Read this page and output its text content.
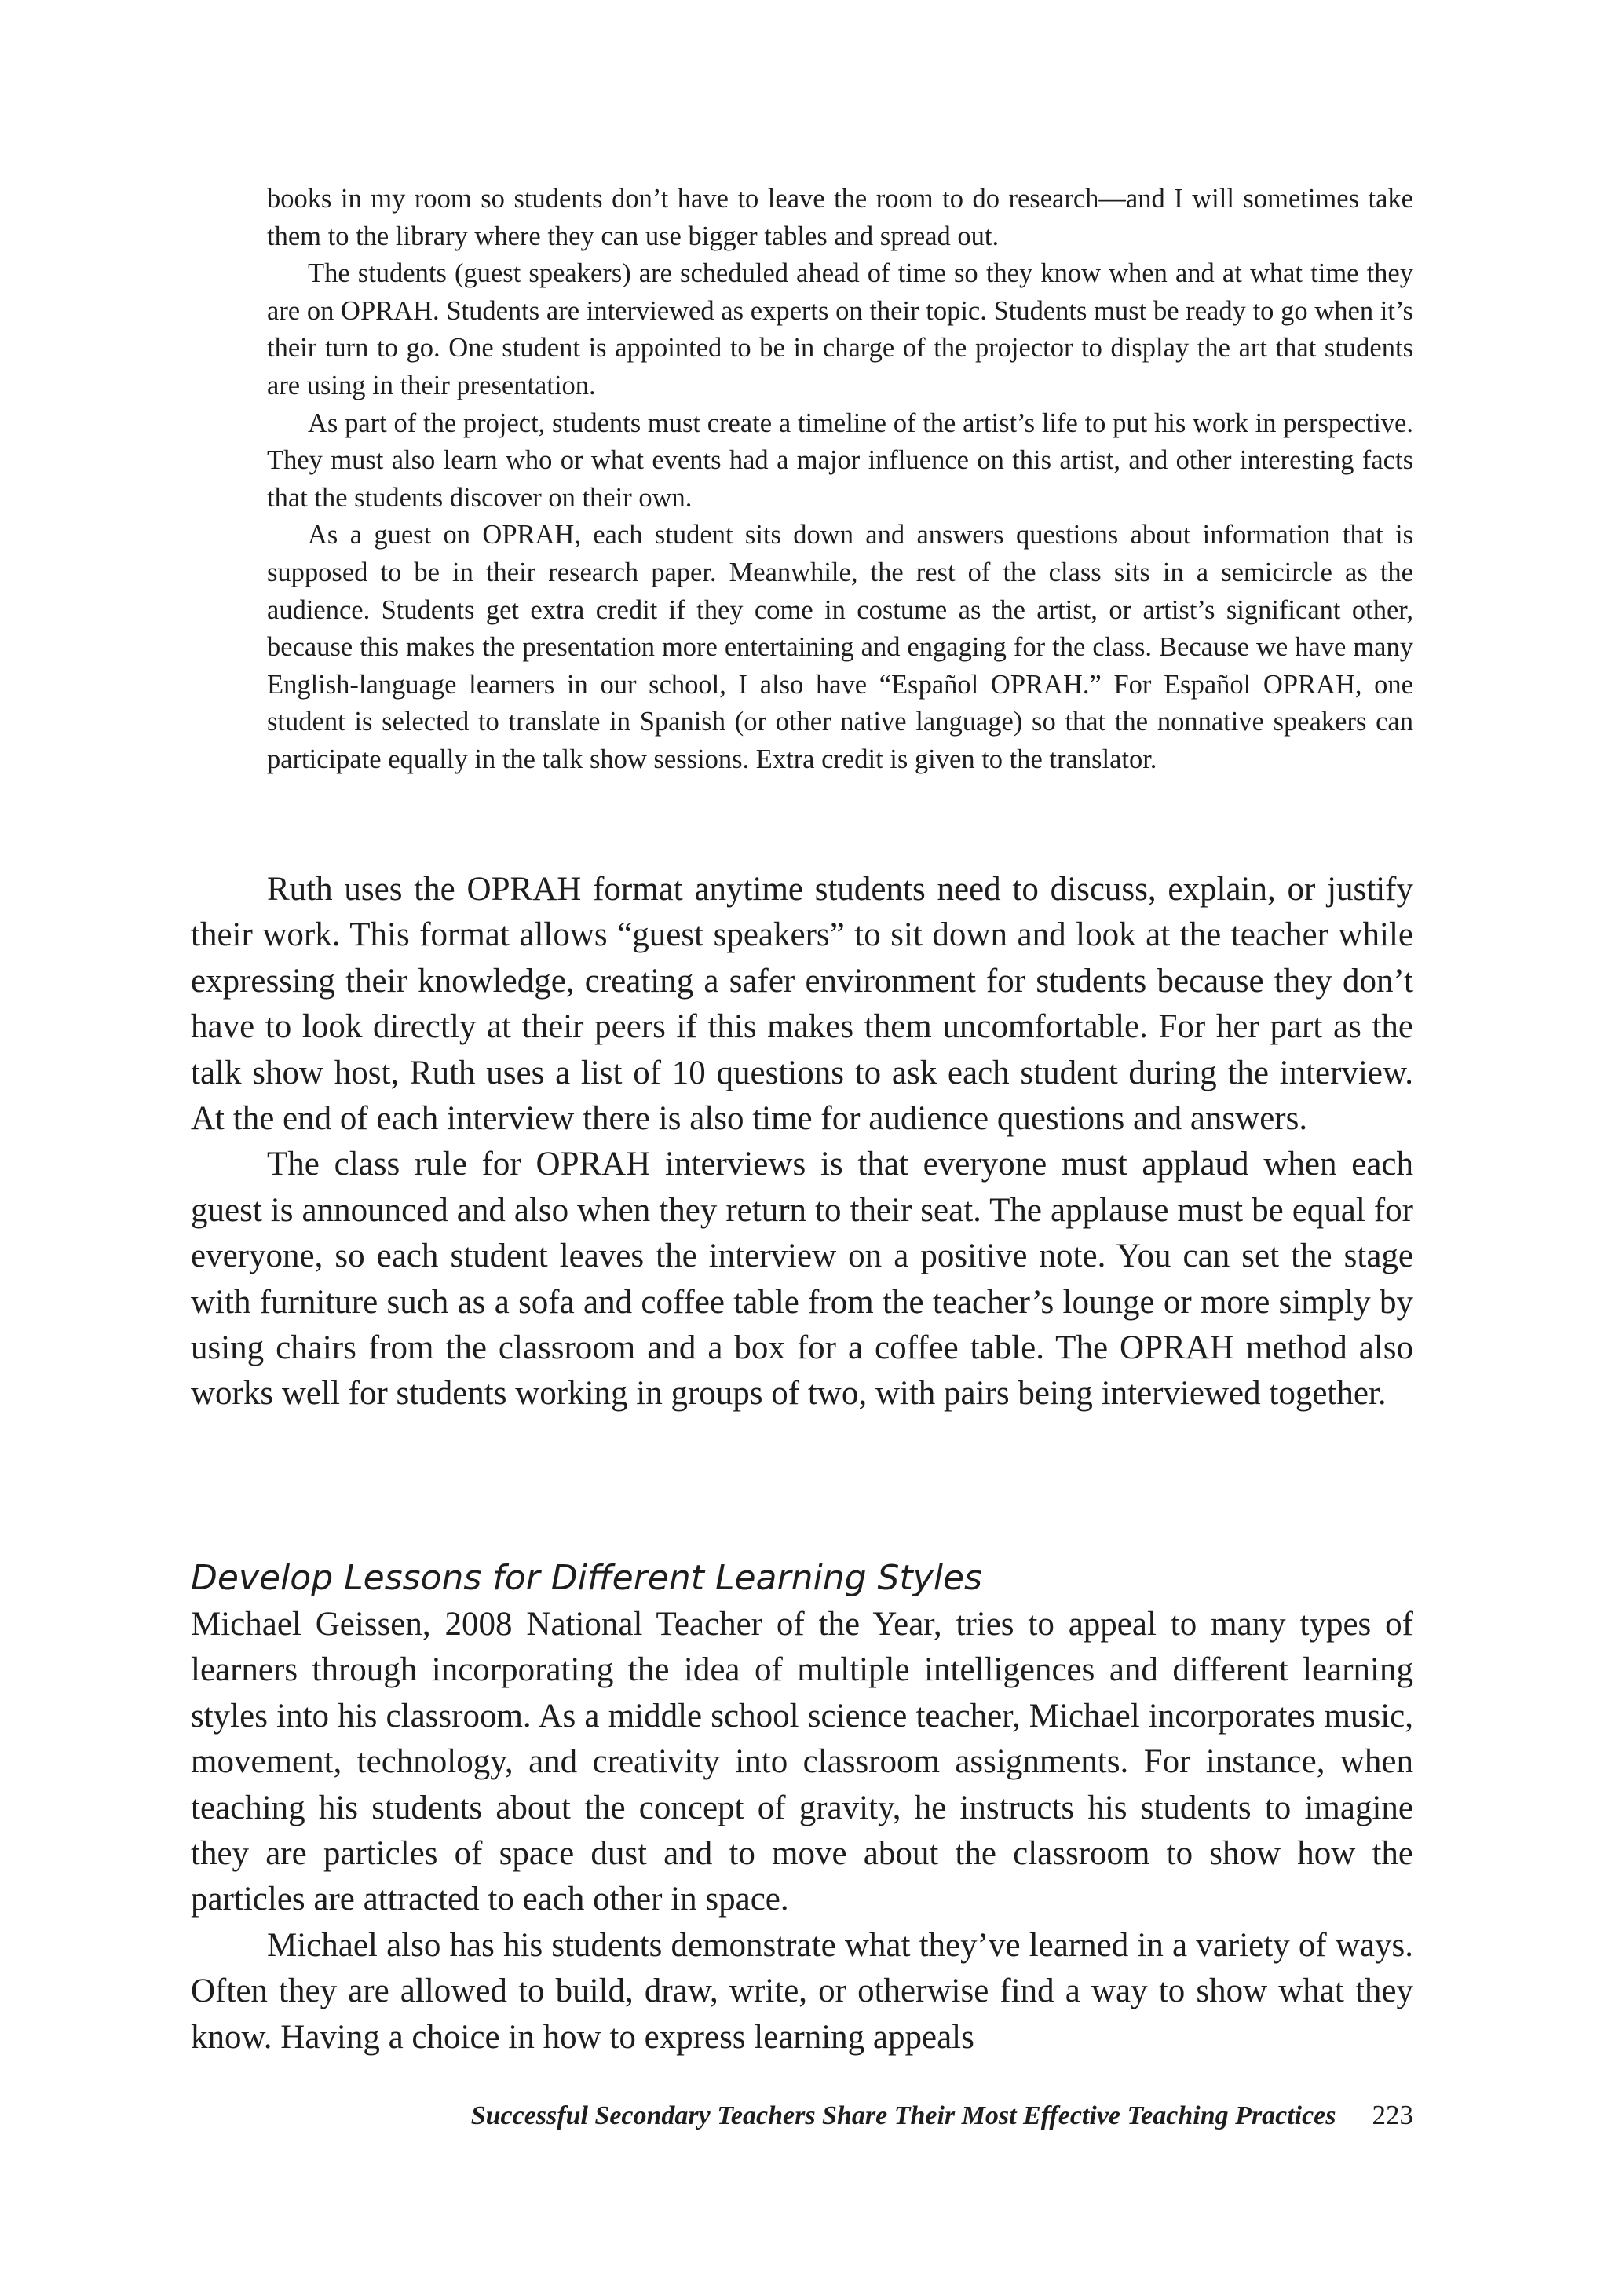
books in my room so students don’t have to leave the room to do research—and I will sometimes take them to the library where they can use bigger tables and spread out.

The students (guest speakers) are scheduled ahead of time so they know when and at what time they are on OPRAH. Students are interviewed as experts on their topic. Students must be ready to go when it’s their turn to go. One student is appointed to be in charge of the projector to display the art that students are using in their presentation.

As part of the project, students must create a timeline of the artist’s life to put his work in perspective. They must also learn who or what events had a major influence on this artist, and other interesting facts that the students discover on their own.

As a guest on OPRAH, each student sits down and answers questions about information that is supposed to be in their research paper. Meanwhile, the rest of the class sits in a semicircle as the audience. Students get extra credit if they come in costume as the artist, or artist’s significant other, because this makes the presentation more entertaining and engaging for the class. Because we have many English-language learners in our school, I also have “Español OPRAH.” For Español OPRAH, one student is selected to translate in Spanish (or other native language) so that the nonnative speakers can participate equally in the talk show sessions. Extra credit is given to the translator.

Ruth uses the OPRAH format anytime students need to discuss, explain, or justify their work. This format allows “guest speakers” to sit down and look at the teacher while expressing their knowledge, creating a safer environment for students because they don’t have to look directly at their peers if this makes them uncomfortable. For her part as the talk show host, Ruth uses a list of 10 questions to ask each student during the interview. At the end of each interview there is also time for audience questions and answers.

The class rule for OPRAH interviews is that everyone must applaud when each guest is announced and also when they return to their seat. The applause must be equal for everyone, so each student leaves the interview on a positive note. You can set the stage with furniture such as a sofa and coffee table from the teacher’s lounge or more simply by using chairs from the classroom and a box for a coffee table. The OPRAH method also works well for students working in groups of two, with pairs being interviewed together.

Develop Lessons for Different Learning Styles

Michael Geissen, 2008 National Teacher of the Year, tries to appeal to many types of learners through incorporating the idea of multiple intelligences and different learning styles into his classroom. As a middle school science teacher, Michael incorporates music, movement, technology, and creativity into classroom assignments. For instance, when teaching his students about the concept of gravity, he instructs his students to imagine they are particles of space dust and to move about the classroom to show how the particles are attracted to each other in space.

Michael also has his students demonstrate what they’ve learned in a variety of ways. Often they are allowed to build, draw, write, or otherwise find a way to show what they know. Having a choice in how to express learning appeals

Successful Secondary Teachers Share Their Most Effective Teaching Practices 223
